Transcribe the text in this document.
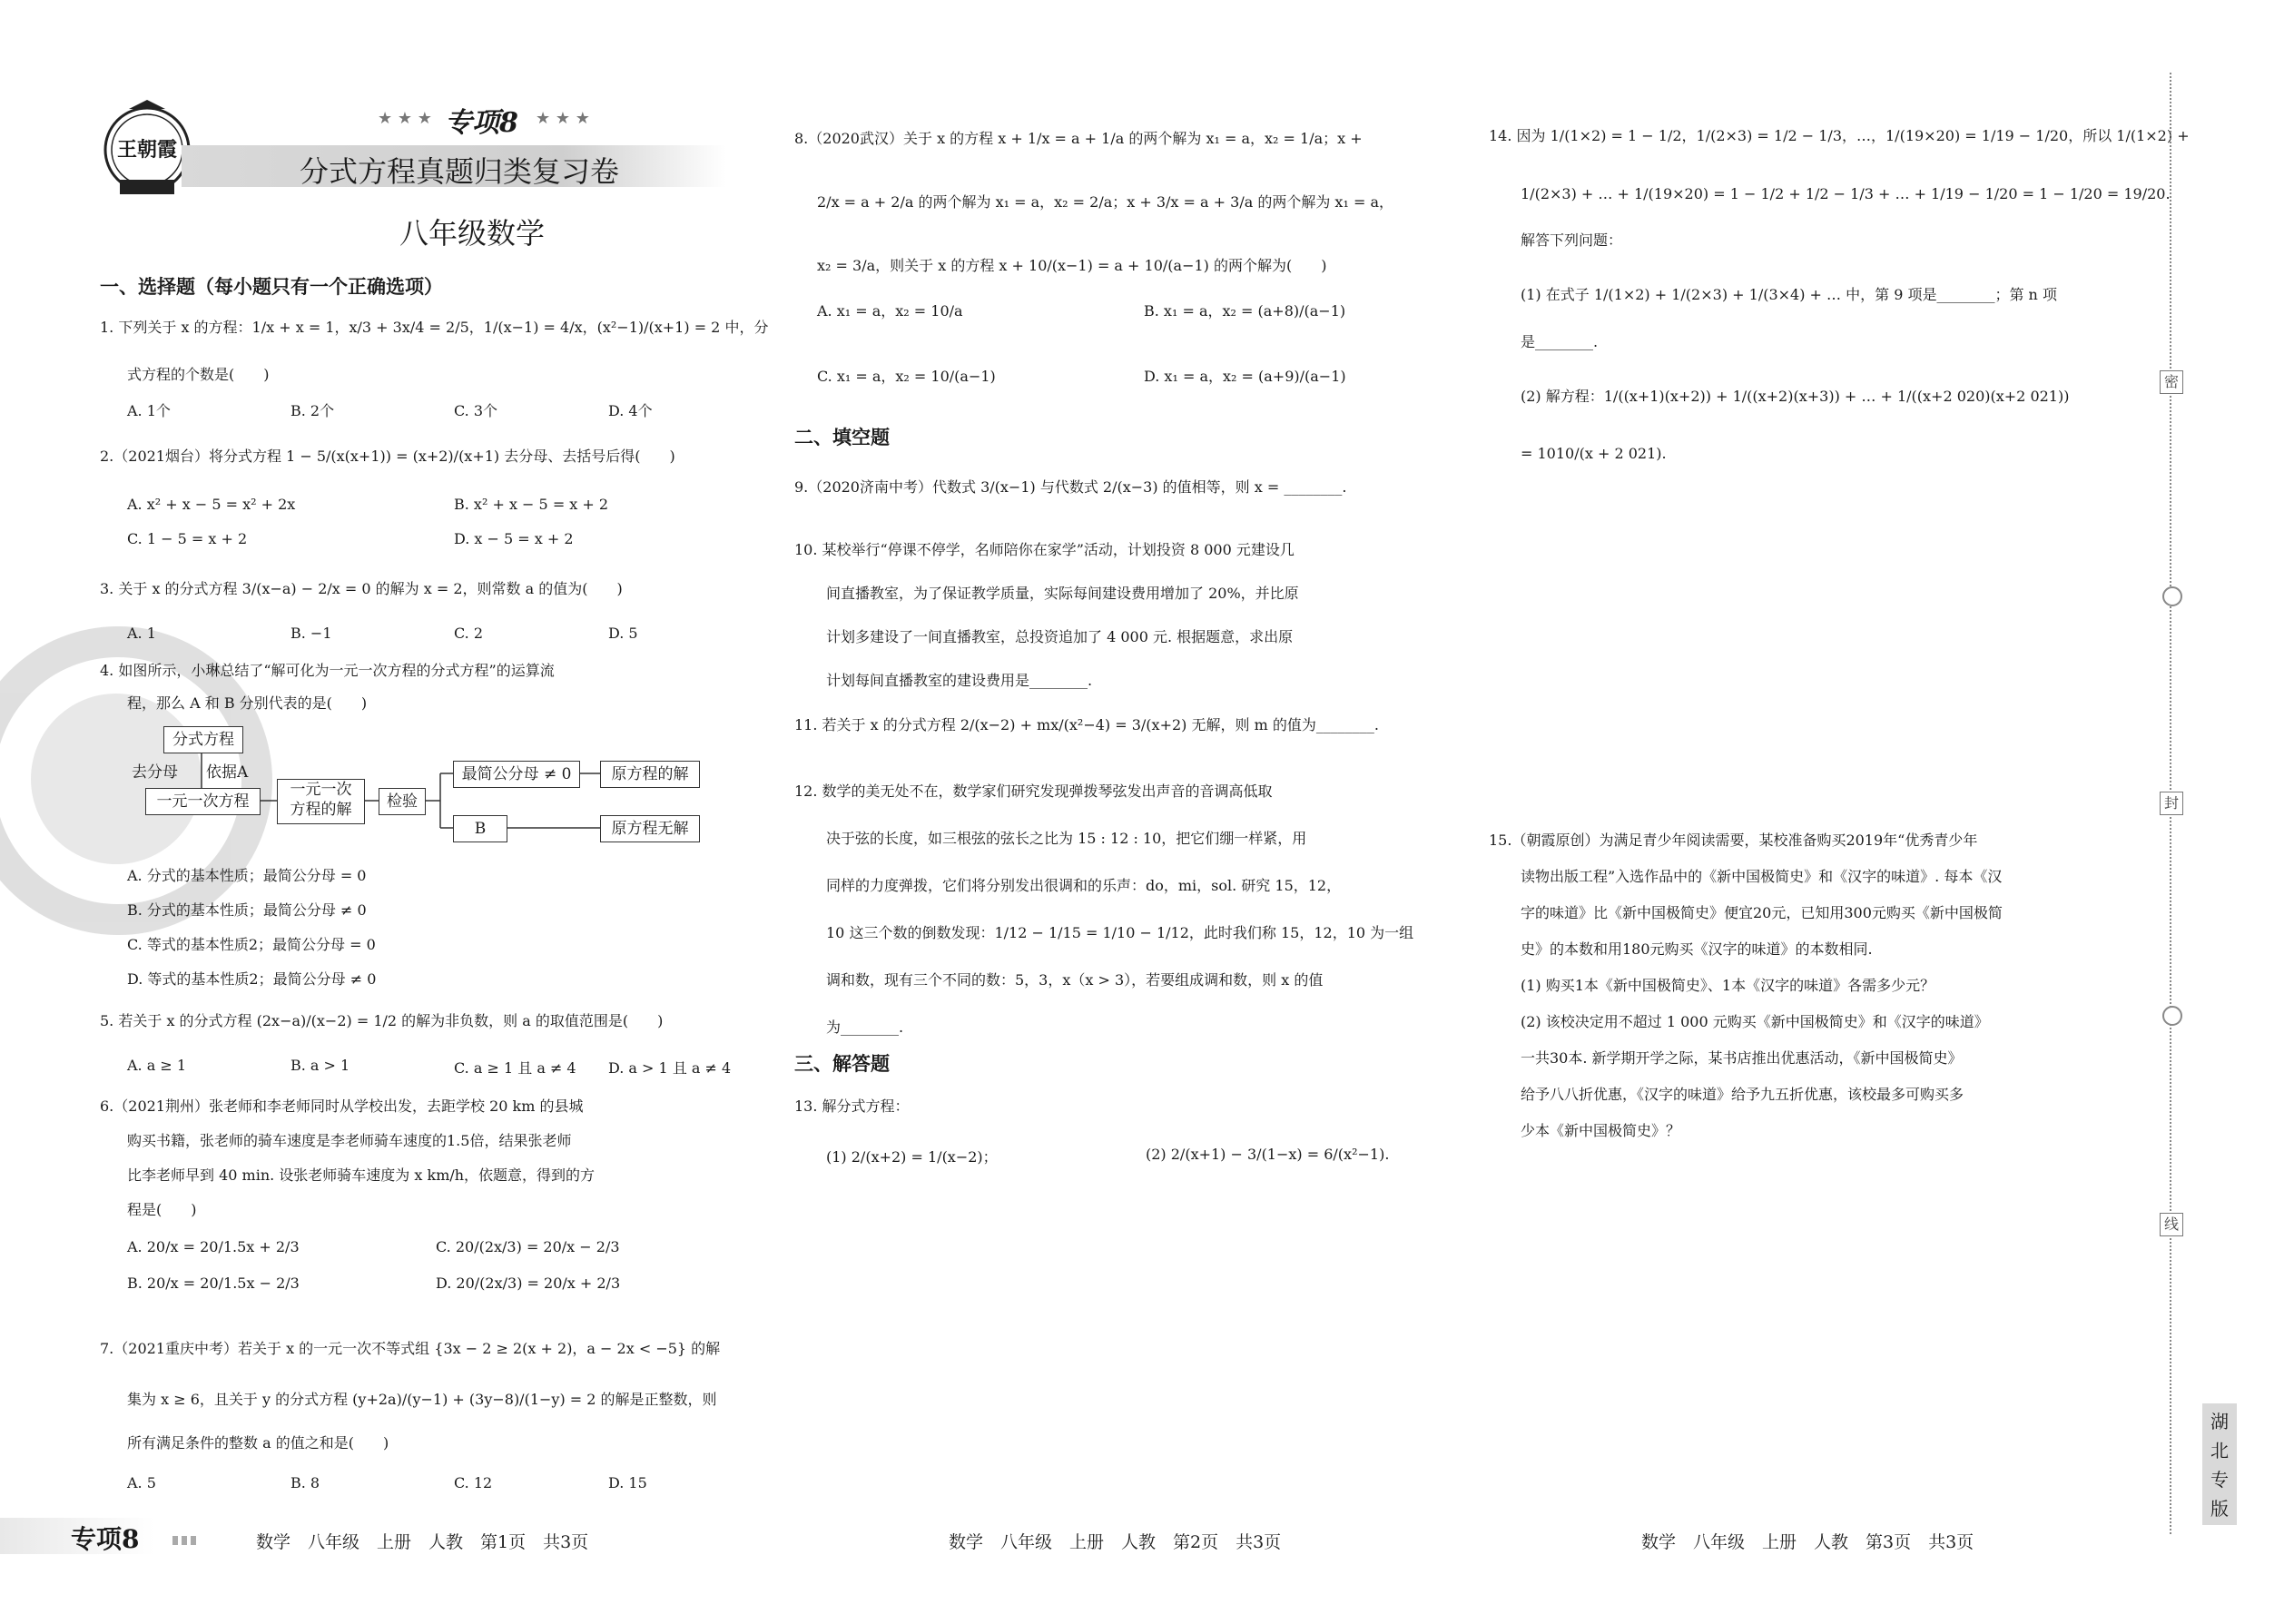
王朝霞
★ ★ ★ 专项8 ★ ★ ★
分式方程真题归类复习卷
八年级数学
一、选择题（每小题只有一个正确选项）
1. 下列关于 x 的方程：1/x + x = 1，x/3 + 3x/4 = 2/5，1/(x−1) = 4/x，(x²−1)/(x+1) = 2 中，分
式方程的个数是(　　)
A. 1个	B. 2个	C. 3个	D. 4个
2.（2021烟台）将分式方程 1 − 5/(x(x+1)) = (x+2)/(x+1) 去分母、去括号后得(　　)
A. x² + x − 5 = x² + 2x	B. x² + x − 5 = x + 2
C. 1 − 5 = x + 2	D. x − 5 = x + 2
3. 关于 x 的分式方程 3/(x−a) − 2/x = 0 的解为 x = 2，则常数 a 的值为(　　)
A. 1	B. −1	C. 2	D. 5
4. 如图所示，小琳总结了“解可化为一元一次方程的分式方程”的运算流
程，那么 A 和 B 分别代表的是(　　)
分式方程
去分母 依据A
一元一次方程
一元一次
方程的解	检验
最简公分母 ≠ 0	原方程的解
B	原方程无解
A. 分式的基本性质；最简公分母 = 0
B. 分式的基本性质；最简公分母 ≠ 0
C. 等式的基本性质2；最简公分母 = 0
D. 等式的基本性质2；最简公分母 ≠ 0
5. 若关于 x 的分式方程 (2x−a)/(x−2) = 1/2 的解为非负数，则 a 的取值范围是(　　)
A. a ≥ 1	B. a > 1	C. a ≥ 1 且 a ≠ 4 D. a > 1 且 a ≠ 4
6.（2021荆州）张老师和李老师同时从学校出发，去距学校 20 km 的县城
购买书籍，张老师的骑车速度是李老师骑车速度的1.5倍，结果张老师
比李老师早到 40 min. 设张老师骑车速度为 x km/h，依题意，得到的方
程是(　　)
A. 20/x = 20/1.5x + 2/3
B. 20/x = 20/1.5x − 2/3
C. 20/(2x/3) = 20/x − 2/3
D. 20/(2x/3) = 20/x + 2/3
7.（2021重庆中考）若关于 x 的一元一次不等式组 {3x − 2 ≥ 2(x + 2)，a − 2x < −5} 的解
集为 x ≥ 6，且关于 y 的分式方程 (y+2a)/(y−1) + (3y−8)/(1−y) = 2 的解是正整数，则
所有满足条件的整数 a 的值之和是(　　)
A. 5	B. 8	C. 12	D. 15
8.（2020武汉）关于 x 的方程 x + 1/x = a + 1/a 的两个解为 x₁ = a，x₂ = 1/a；x +
2/x = a + 2/a 的两个解为 x₁ = a，x₂ = 2/a；x + 3/x = a + 3/a 的两个解为 x₁ = a，
x₂ = 3/a，则关于 x 的方程 x + 10/(x−1) = a + 10/(a−1) 的两个解为(　　)
A. x₁ = a，x₂ = 10/a	B. x₁ = a，x₂ = (a+8)/(a−1)
C. x₁ = a，x₂ = 10/(a−1)	D. x₁ = a，x₂ = (a+9)/(a−1)
二、填空题
9.（2020济南中考）代数式 3/(x−1) 与代数式 2/(x−3) 的值相等，则 x = ________.
10. 某校举行“停课不停学，名师陪你在家学”活动，计划投资 8 000 元建设几
间直播教室，为了保证教学质量，实际每间建设费用增加了 20%，并比原
计划多建设了一间直播教室，总投资追加了 4 000 元. 根据题意，求出原
计划每间直播教室的建设费用是________.
11. 若关于 x 的分式方程 2/(x−2) + mx/(x²−4) = 3/(x+2) 无解，则 m 的值为________.
12. 数学的美无处不在，数学家们研究发现弹拨琴弦发出声音的音调高低取
决于弦的长度，如三根弦的弦长之比为 15 : 12 : 10，把它们绷一样紧，用
同样的力度弹拨，它们将分别发出很调和的乐声：do，mi，sol. 研究 15，12，
10 这三个数的倒数发现：1/12 − 1/15 = 1/10 − 1/12，此时我们称 15，12，10 为一组
调和数，现有三个不同的数：5，3，x（x > 3），若要组成调和数，则 x 的值
为________.
三、解答题
13. 解分式方程：
(1) 2/(x+2) = 1/(x−2)；	(2) 2/(x+1) − 3/(1−x) = 6/(x²−1).
14. 因为 1/(1×2) = 1 − 1/2，1/(2×3) = 1/2 − 1/3，…，1/(19×20) = 1/19 − 1/20，所以 1/(1×2) +
1/(2×3) + … + 1/(19×20) = 1 − 1/2 + 1/2 − 1/3 + … + 1/19 − 1/20 = 1 − 1/20 = 19/20.
解答下列问题：
(1) 在式子 1/(1×2) + 1/(2×3) + 1/(3×4) + … 中，第 9 项是________；第 n 项
是________.
(2) 解方程：1/((x+1)(x+2)) + 1/((x+2)(x+3)) + … + 1/((x+2 020)(x+2 021))
= 1010/(x + 2 021).
15.（朝霞原创）为满足青少年阅读需要，某校准备购买2019年“优秀青少年
读物出版工程”入选作品中的《新中国极简史》和《汉字的味道》. 每本《汉
字的味道》比《新中国极简史》便宜20元，已知用300元购买《新中国极简
史》的本数和用180元购买《汉字的味道》的本数相同.
(1) 购买1本《新中国极简史》、1本《汉字的味道》各需多少元？
(2) 该校决定用不超过 1 000 元购买《新中国极简史》和《汉字的味道》
一共30本. 新学期开学之际，某书店推出优惠活动，《新中国极简史》
给予八八折优惠，《汉字的味道》给予九五折优惠，该校最多可购买多
少本《新中国极简史》？
密
封
线
湖
北
专
版
专项8	数学　八年级　上册　人教　第1页　共3页	数学　八年级　上册　人教　第2页　共3页	数学　八年级　上册　人教　第3页　共3页
